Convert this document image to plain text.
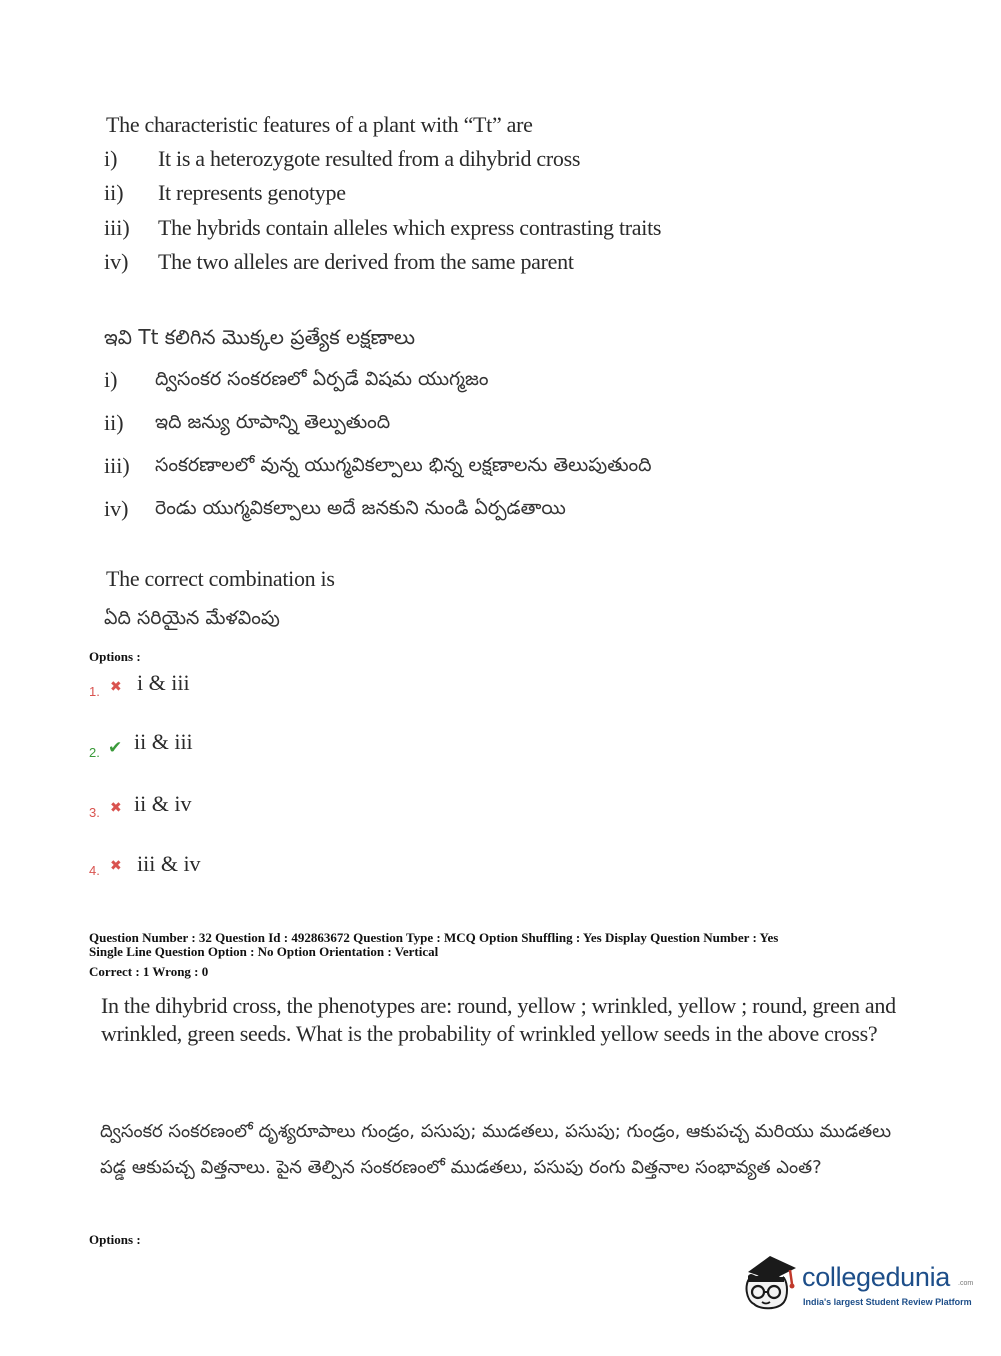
The characteristic features of a plant with “Tt” are
i) It is a heterozygote resulted from a dihybrid cross
ii) It represents genotype
iii) The hybrids contain alleles which express contrasting traits
iv) The two alleles are derived from the same parent
ఇవి Tt కలిగిన మొక్కల ప్రత్యేక లక్షణాలు
i) ద్విసంకర సంకరణలో ఏర్పడే విషమ యుగ్మజం
ii) ఇది జన్యు రూపాన్ని తెల్పుతుంది
iii) సంకరణాలలో వున్న యుగ్మవికల్పాలు భిన్న లక్షణాలను తెలుపుతుంది
iv) రెండు యుగ్మవికల్పాలు అదే జనకుని నుండి ఏర్పడతాయి
The correct combination is
ఏది సరియైన మేళవింపు
Options :
1. ✖ i & iii
2. ✔ ii & iii
3. ✖ ii & iv
4. ✖ iii & iv
Question Number : 32 Question Id : 492863672 Question Type : MCQ Option Shuffling : Yes Display Question Number : Yes
Single Line Question Option : No Option Orientation : Vertical
Correct : 1 Wrong : 0
In the dihybrid cross, the phenotypes are: round, yellow ; wrinkled, yellow ; round, green and wrinkled, green seeds. What is the probability of wrinkled yellow seeds in the above cross?
ద్విసంకర సంకరణంలో దృశ్యరూపాలు గుండ్రం, పసుపు; ముడతలు, పసుపు; గుండ్రం, ఆకుపచ్చ మరియు ముడతలు పడ్డ ఆకుపచ్చ విత్తనాలు. పైన తెల్పిన సంకరణంలో ముడతలు, పసుపు రంగు విత్తనాల సంభావ్యత ఎంత?
Options :
collegedunia .com
India's largest Student Review Platform
